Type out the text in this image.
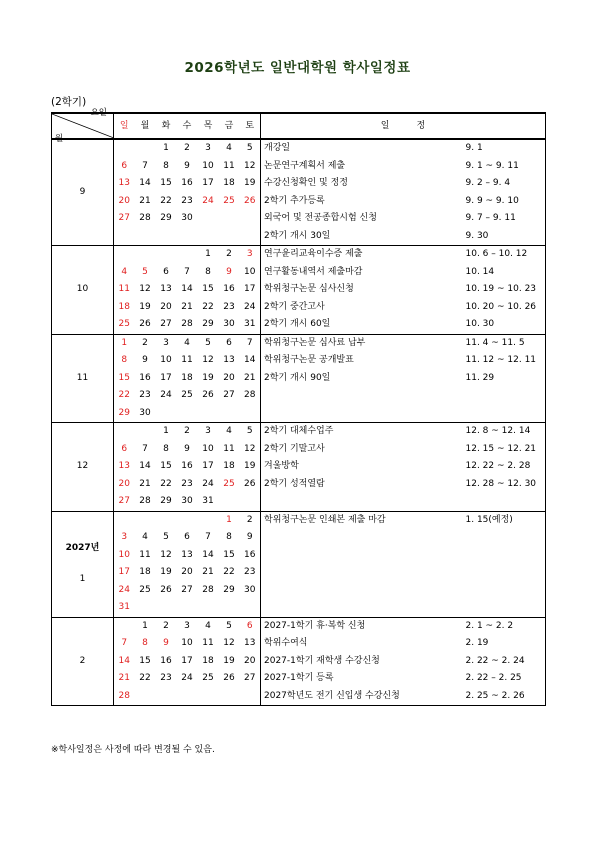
2026학년도 일반대학원 학사일정표
(2학기)
요일
월	일	월	화	수	목	금	토	일    정	
9			1	2	3	4	5	개강일	9. 1
	6	7	8	9	10	11	12	논문연구계획서 제출	9. 1 ~ 9. 11
	13	14	15	16	17	18	19	수강신청확인 및 정정	9. 2 – 9. 4
	20	21	22	23	24	25	26	2학기 추가등록	9. 9 ~ 9. 10
	27	28	29	30				외국어 및 전공종합시험 신청	9. 7 – 9. 11
								2학기 개시 30일	9. 30
10					1	2	3	연구윤리교육이수증 제출	10. 6 – 10. 12
	4	5	6	7	8	9	10	연구활동내역서 제출마감	10. 14
	11	12	13	14	15	16	17	학위청구논문 심사신청	10. 19 ~ 10. 23
	18	19	20	21	22	23	24	2학기 중간고사	10. 20 ~ 10. 26
	25	26	27	28	29	30	31	2학기 개시 60일	10. 30
11	1	2	3	4	5	6	7	학위청구논문 심사료 납부	11. 4 ~ 11. 5
	8	9	10	11	12	13	14	학위청구논문 공개발표	11. 12 ~ 12. 11
	15	16	17	18	19	20	21	2학기 개시 90일	11. 29
	22	23	24	25	26	27	28		
	29	30							
12			1	2	3	4	5	2학기 대체수업주	12. 8 ~ 12. 14
	6	7	8	9	10	11	12	2학기 기말고사	12. 15 ~ 12. 21
	13	14	15	16	17	18	19	겨울방학	12. 22 ~ 2. 28
	20	21	22	23	24	25	26	2학기 성적열람	12. 28 ~ 12. 30
	27	28	29	30	31				

2027년

1						1	2	학위청구논문 인쇄본 제출 마감	1. 15(예정)
	3	4	5	6	7	8	9		
	10	11	12	13	14	15	16		
	17	18	19	20	21	22	23		
	24	25	26	27	28	29	30		
	31								
2		1	2	3	4	5	6	2027-1학기 휴·복학 신청	2. 1 ~ 2. 2
	7	8	9	10	11	12	13	학위수여식	2. 19
	14	15	16	17	18	19	20	2027-1학기 재학생 수강신청	2. 22 ~ 2. 24
	21	22	23	24	25	26	27	2027-1학기 등록	2. 22 – 2. 25
	28							2027학년도 전기 신입생 수강신청	2. 25 ~ 2. 26
※학사일정은 사정에 따라 변경될 수 있음.
